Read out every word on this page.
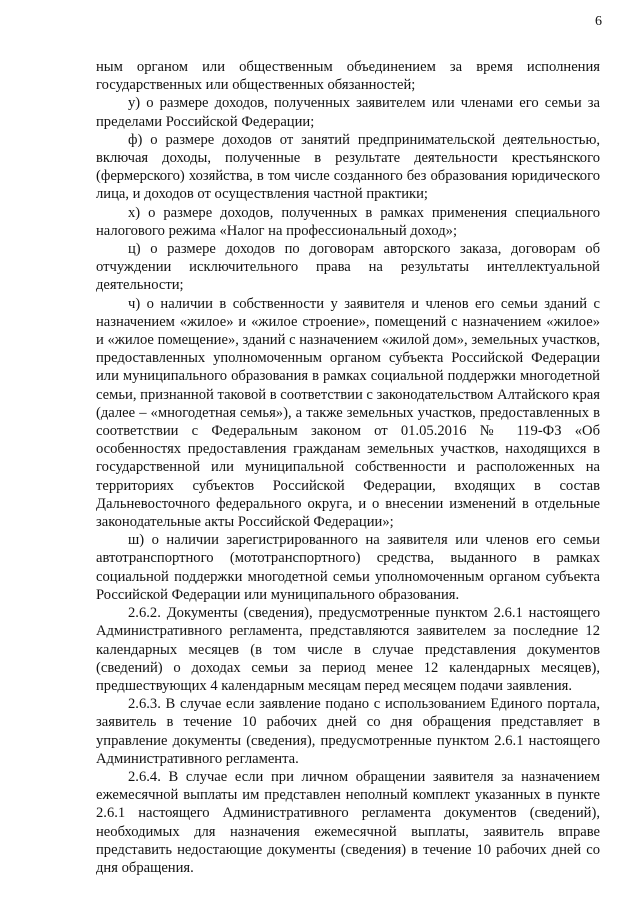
6

ным органом или общественным объединением за время исполнения государственных или общественных обязанностей;

у) о размере доходов, полученных заявителем или членами его семьи за пределами Российской Федерации;

ф) о размере доходов от занятий предпринимательской деятельностью, включая доходы, полученные в результате деятельности крестьянского (фермерского) хозяйства, в том числе созданного без образования юридического лица, и доходов от осуществления частной практики;

х) о размере доходов, полученных в рамках применения специального налогового режима «Налог на профессиональный доход»;

ц) о размере доходов по договорам авторского заказа, договорам об отчуждении исключительного права на результаты интеллектуальной деятельности;

ч) о наличии в собственности у заявителя и членов его семьи зданий с назначением «жилое» и «жилое строение», помещений с назначением «жилое» и «жилое помещение», зданий с назначением «жилой дом», земельных участков, предоставленных уполномоченным органом субъекта Российской Федерации или муниципального образования в рамках социальной поддержки многодетной семьи, признанной таковой в соответствии с законодательством Алтайского края (далее – «многодетная семья»), а также земельных участков, предоставленных в соответствии с Федеральным законом от 01.05.2016 № 119-ФЗ «Об особенностях предоставления гражданам земельных участков, находящихся в государственной или муниципальной собственности и расположенных на территориях субъектов Российской Федерации, входящих в состав Дальневосточного федерального округа, и о внесении изменений в отдельные законодательные акты Российской Федерации»;

ш) о наличии зарегистрированного на заявителя или членов его семьи автотранспортного (мототранспортного) средства, выданного в рамках социальной поддержки многодетной семьи уполномоченным органом субъекта Российской Федерации или муниципального образования.

2.6.2. Документы (сведения), предусмотренные пунктом 2.6.1 настоящего Административного регламента, представляются заявителем за последние 12 календарных месяцев (в том числе в случае представления документов (сведений) о доходах семьи за период менее 12 календарных месяцев), предшествующих 4 календарным месяцам перед месяцем подачи заявления.

2.6.3. В случае если заявление подано с использованием Единого портала, заявитель в течение 10 рабочих дней со дня обращения представляет в управление документы (сведения), предусмотренные пунктом 2.6.1 настоящего Административного регламента.

2.6.4. В случае если при личном обращении заявителя за назначением ежемесячной выплаты им представлен неполный комплект указанных в пункте 2.6.1 настоящего Административного регламента документов (сведений), необходимых для назначения ежемесячной выплаты, заявитель вправе представить недостающие документы (сведения) в течение 10 рабочих дней со дня обращения.
